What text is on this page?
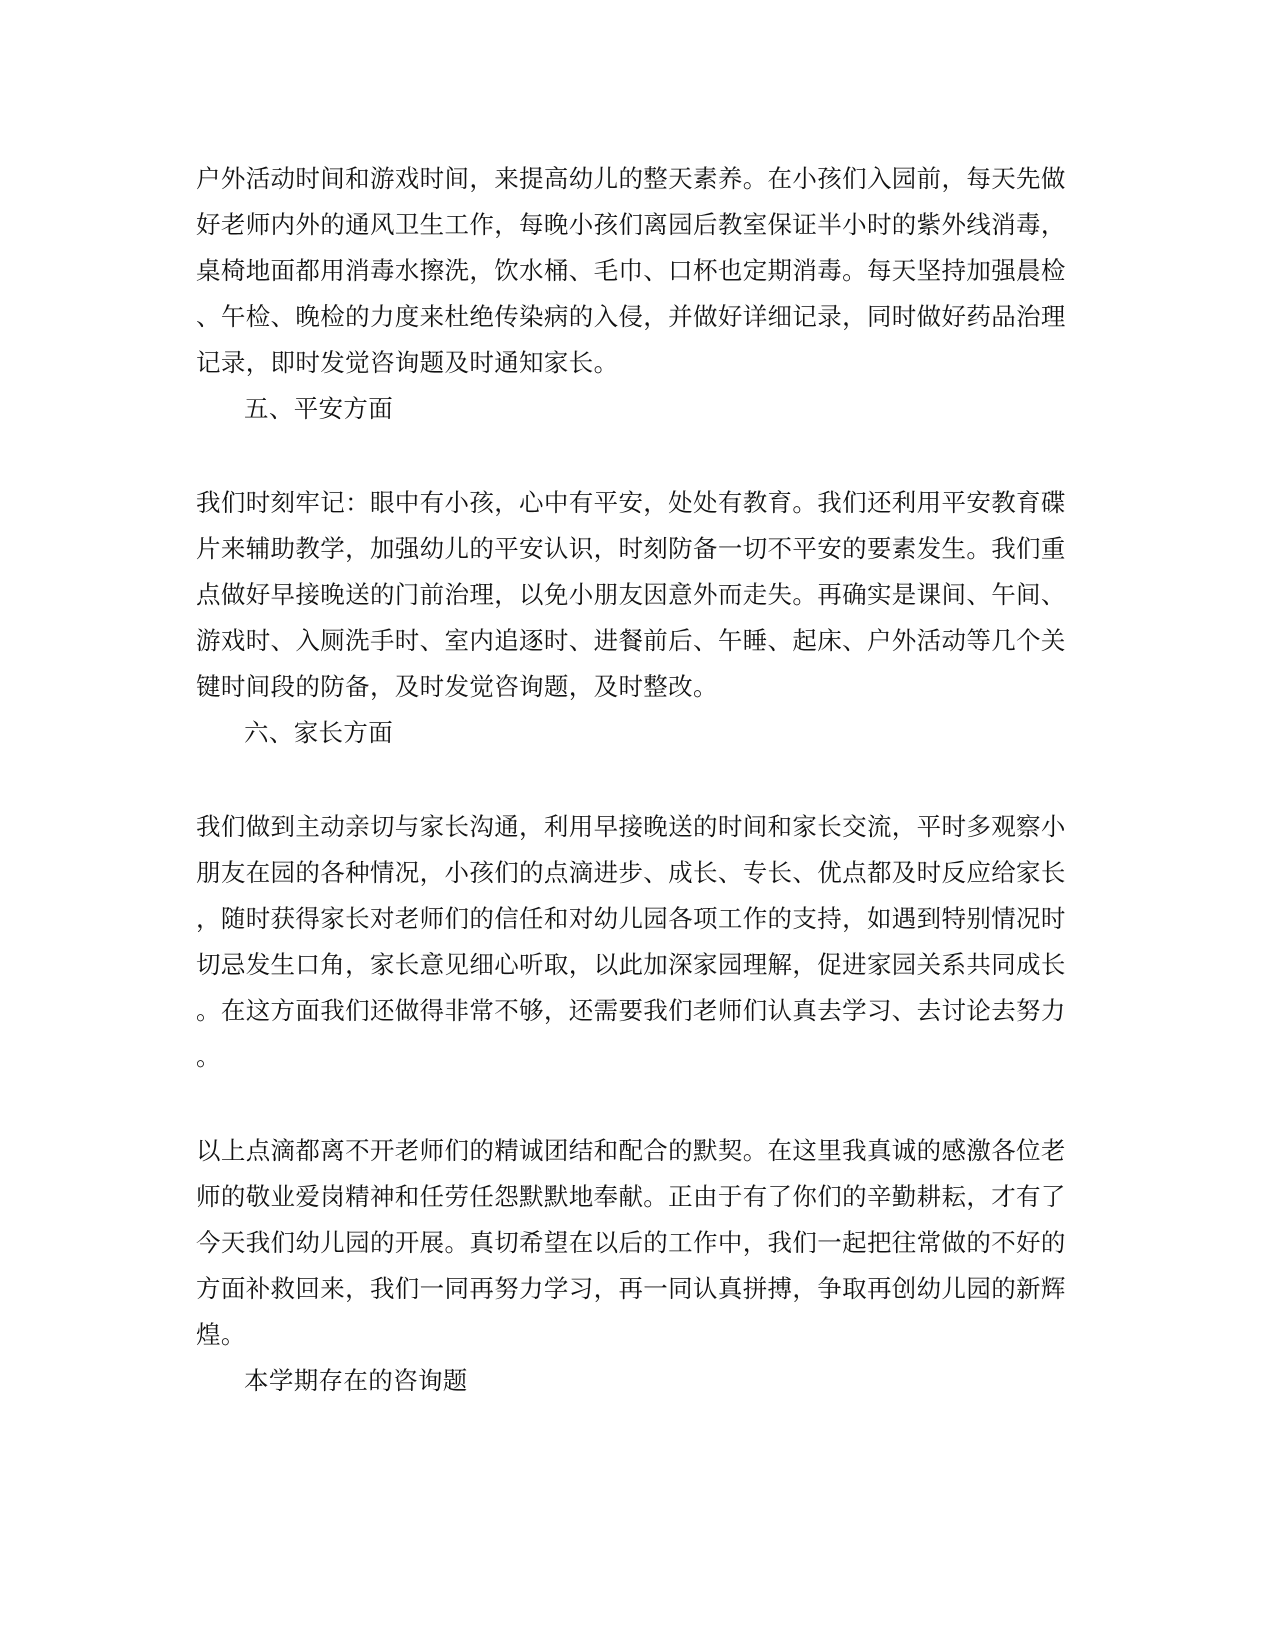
户外活动时间和游戏时间，来提高幼儿的整天素养。在小孩们入园前，每天先做
好老师内外的通风卫生工作，每晚小孩们离园后教室保证半小时的紫外线消毒，
桌椅地面都用消毒水擦洗，饮水桶、毛巾、口杯也定期消毒。每天坚持加强晨检
、午检、晚检的力度来杜绝传染病的入侵，并做好详细记录，同时做好药品治理
记录，即时发觉咨询题及时通知家长。
五、平安方面
我们时刻牢记：眼中有小孩，心中有平安，处处有教育。我们还利用平安教育碟
片来辅助教学，加强幼儿的平安认识，时刻防备一切不平安的要素发生。我们重
点做好早接晚送的门前治理，以免小朋友因意外而走失。再确实是课间、午间、
游戏时、入厕洗手时、室内追逐时、进餐前后、午睡、起床、户外活动等几个关
键时间段的防备，及时发觉咨询题，及时整改。
六、家长方面
我们做到主动亲切与家长沟通，利用早接晚送的时间和家长交流，平时多观察小
朋友在园的各种情况，小孩们的点滴进步、成长、专长、优点都及时反应给家长
，随时获得家长对老师们的信任和对幼儿园各项工作的支持，如遇到特别情况时
切忌发生口角，家长意见细心听取，以此加深家园理解，促进家园关系共同成长
。在这方面我们还做得非常不够，还需要我们老师们认真去学习、去讨论去努力
。
以上点滴都离不开老师们的精诚团结和配合的默契。在这里我真诚的感激各位老
师的敬业爱岗精神和任劳任怨默默地奉献。正由于有了你们的辛勤耕耘，才有了
今天我们幼儿园的开展。真切希望在以后的工作中，我们一起把往常做的不好的
方面补救回来，我们一同再努力学习，再一同认真拼搏，争取再创幼儿园的新辉
煌。
本学期存在的咨询题
